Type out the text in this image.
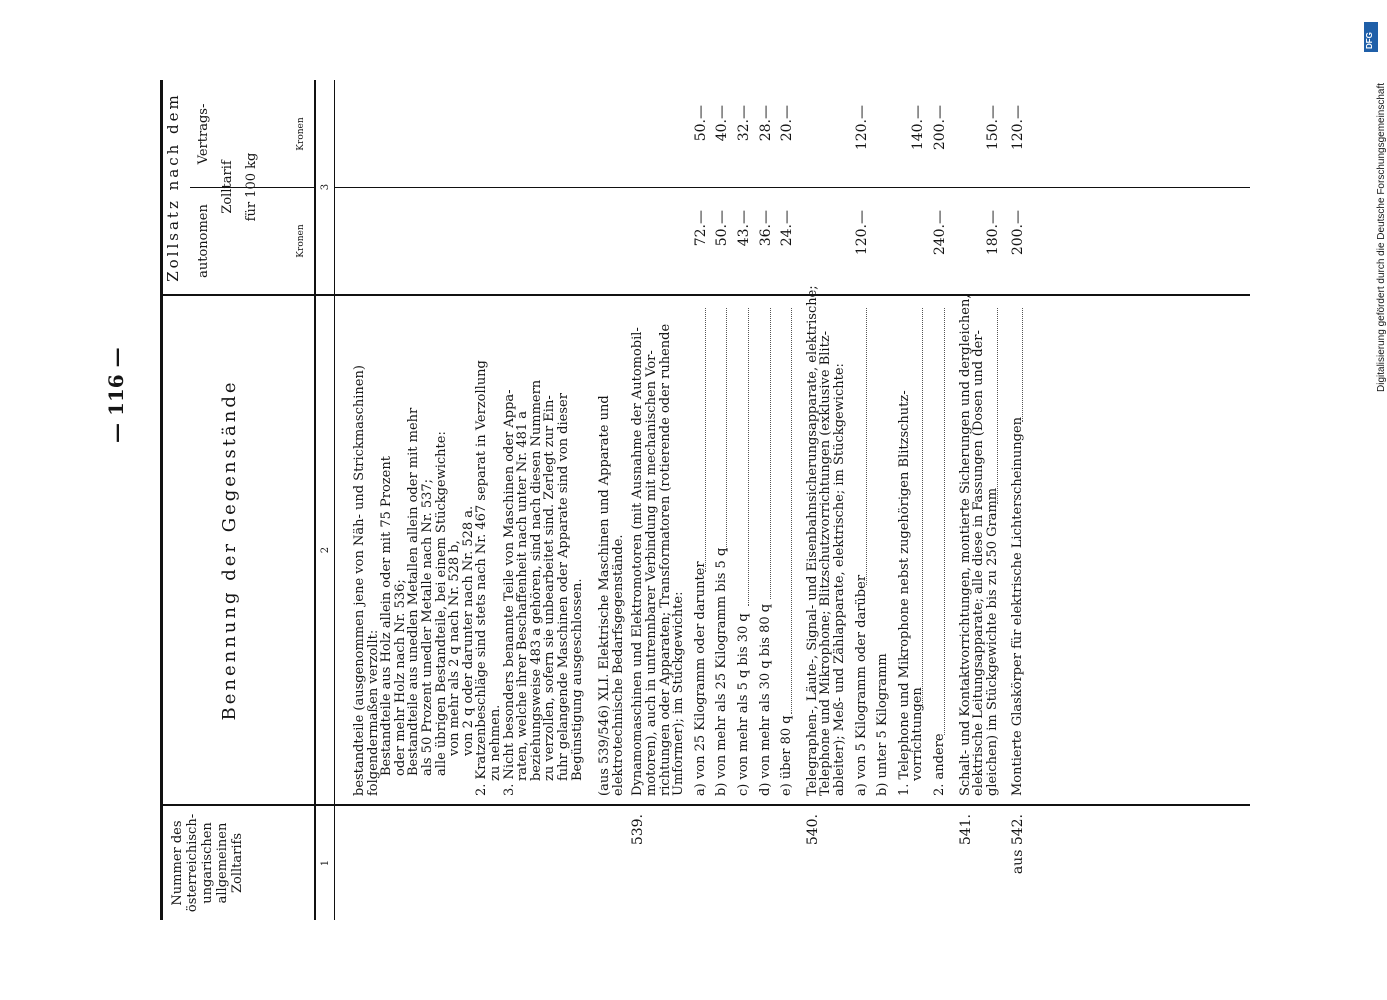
— 116 —
DFG
Digitalisierung gefördert durch die Deutsche Forschungsgemeinschaft
Nummer des österreichisch-ungarischen allgemeinen Zolltarifs
Benennung der Gegenstände
Zollsatz nach dem autonomen
Vertrags-
Zolltarif für 100 kg
Kronen
Kronen
1
2
3
bestandteile (ausgenommen jene von Näh- und Strickmaschinen)
folgendermaßen verzollt:
Bestandteile aus Holz allein oder mit 75 Prozent
oder mehr Holz nach Nr. 536;
Bestandteile aus unedlen Metallen allein oder mit mehr
als 50 Prozent unedler Metalle nach Nr. 537;
alle übrigen Bestandteile, bei einem Stückgewichte:
von mehr als 2 q nach Nr. 528 b,
von 2 q oder darunter nach Nr. 528 a.
2. Kratzenbeschläge sind stets nach Nr. 467 separat in Verzollung
zu nehmen.
3. Nicht besonders benannte Teile von Maschinen oder Appa-
raten, welche ihrer Beschaffenheit nach unter Nr. 481 a
beziehungsweise 483 a gehören, sind nach diesen Nummern
zu verzollen, sofern sie unbearbeitet sind. Zerlegt zur Ein-
fuhr gelangende Maschinen oder Apparate sind von dieser
Begünstigung ausgeschlossen. (aus 539/546) XLI. Elektrische Maschinen und Apparate und
elektrotechnische Bedarfsgegenstände.
539.
Dynamomaschinen und Elektromotoren (mit Ausnahme der Automobil-
motoren), auch in untrennbarer Verbindung mit mechanischen Vor-
richtungen oder Apparaten; Transformatoren (rotierende oder ruhende
Umformer); im Stückgewichte: a) von 25 Kilogramm oder darunter
72.—
50.—
b) von mehr als 25 Kilogramm bis 5 q
50.—
40.—
c) von mehr als 5 q bis 30 q
43.—
32.—
d) von mehr als 30 q bis 80 q
36.—
28.—
e) über 80 q
24.—
20.—
540.
Telegraphen-, Läute-, Signal- und Eisenbahnsicherungsapparate, elektrische;
Telephone und Mikrophone; Blitzschutzvorrichtungen (exklusive Blitz-
ableiter); Meß- und Zählapparate, elektrische; im Stückgewichte: a) von 5 Kilogramm oder darüber
120.—
120.—
b) unter 5 Kilogramm 1. Telephone und Mikrophone nebst zugehörigen Blitzschutz-
vorrichtungen
140.—
2. andere
240.—
200.—
541.
Schalt- und Kontaktvorrichtungen, montierte Sicherungen und dergleichen,
elektrische Leitungsapparate; alle diese in Fassungen (Dosen und der-
gleichen) im Stückgewichte bis zu 250 Gramm
180.—
150.—
aus 542.
Montierte Glaskörper für elektrische Lichterscheinungen
200.—
120.—
